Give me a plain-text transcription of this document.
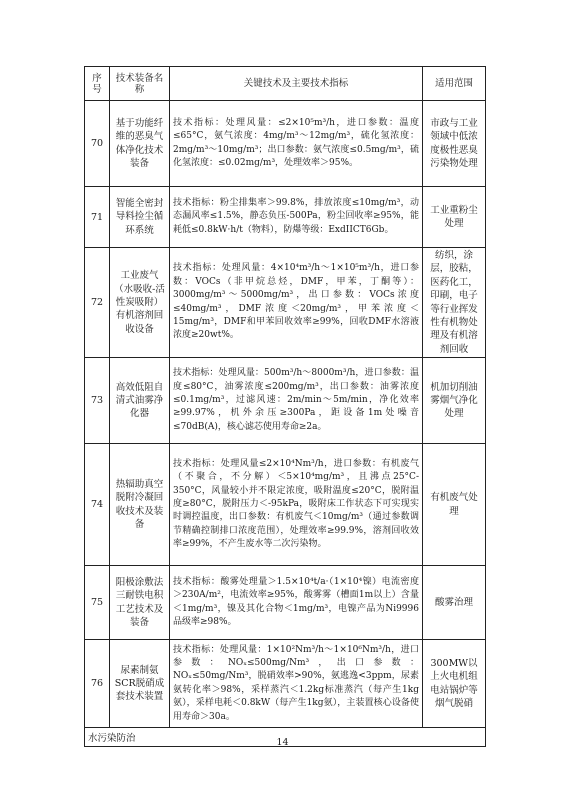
序号	技术装备名称	关键技术及主要技术指标	适用范围
70	基于功能纤维的恶臭气体净化技术装备	技术指标：处理风量：≤2×10⁵m³/h，进口参数：温度≤65°C，氨气浓度：4mg/m³～12mg/m³，硫化氢浓度：2mg/m³～10mg/m³；出口参数：氨气浓度≤0.5mg/m³，硫化氢浓度：≤0.02mg/m³，处理效率＞95%。	市政与工业领域中低浓度极性恶臭污染物处理
71	智能全密封导料捡尘循环系统	技术指标：粉尘排集率＞99.8%，排放浓度≤10mg/m³，动态漏风率≤1.5%，静态负压-500Pa，粉尘回收率≥95%，能耗低≤0.8kW·h/t（物料），防爆等级：ExdIICT6Gb。	工业重粉尘处理
72	工业废气（水吸收-活性炭吸附）有机溶剂回收设备	技术指标：处理风量：4×10⁴m³/h～1×10⁵m³/h，进口参数：VOCs（非甲烷总烃，DMF，甲苯，丁酮等）：3000mg/m³～5000mg/m³，出口参数：VOCs浓度≤40mg/m³，DMF浓度＜20mg/m³，甲苯浓度＜15mg/m³，DMF和甲苯回收效率≥99%，回收DMF水溶液浓度≥20wt%。	纺织，涂层，胶粘，医药化工，印刷，电子等行业挥发性有机物处理及有机溶剂回收
73	高效低阻自清式油雾净化器	技术指标：处理风量：500m³/h～8000m³/h，进口参数：温度≤80°C，油雾浓度≤200mg/m³，出口参数：油雾浓度≤0.1mg/m³，过滤风速：2m/min～5m/min，净化效率≥99.97%，机外余压≥300Pa，距设备1m处噪音≤70dB(A)，核心滤芯使用寿命≥2a。	机加切削油雾烟气净化处理
74	热辐助真空脱附冷凝回收技术及装备	技术指标：处理风量≤2×10⁴Nm³/h，进口参数：有机废气（不聚合，不分解）＜5×10⁴mg/m³，且沸点25°C-350°C，风量较小并不限定浓度，吸附温度≤20°C，脱附温度≥80°C，脱附压力＜-95kPa，吸附床工作状态下可实现实时调控温度，出口参数：有机废气＜10mg/m³（通过参数调节精确控制排口浓度范围），处理效率≥99.9%，溶剂回收效率≥99%，不产生废水等二次污染物。	有机废气处理
75	阳极涂敷法三耐铁电积工艺技术及装备	技术指标：酸雾处理量＞1.5×10⁴t/a·（1×10⁴镍）电流密度＞230A/m²，电流效率≥95%，酸雾雾（槽面1m以上）含量＜1mg/m³，镍及其化合物＜1mg/m³，电镍产品为Ni9996品级率≥98%。	酸雾治理
76	尿素制氨SCR脱硝成套技术装置	技术指标：处理风量：1×10²Nm³/h～1×10⁶Nm³/h，进口参数：NOₓ≤500mg/Nm³，出口参数：NOₓ≤50mg/Nm³，脱硝效率>90%，氨逃逸<3ppm，尿素氨转化率＞98%，采样蒸汽＜1.2kg标准蒸汽（每产生1kg氨），采样电耗＜0.8kW（每产生1kg氨），主装置核心设备使用寿命＞30a。	300MW以上火电机组电站锅炉等烟气脱硝
水污染防治				14
